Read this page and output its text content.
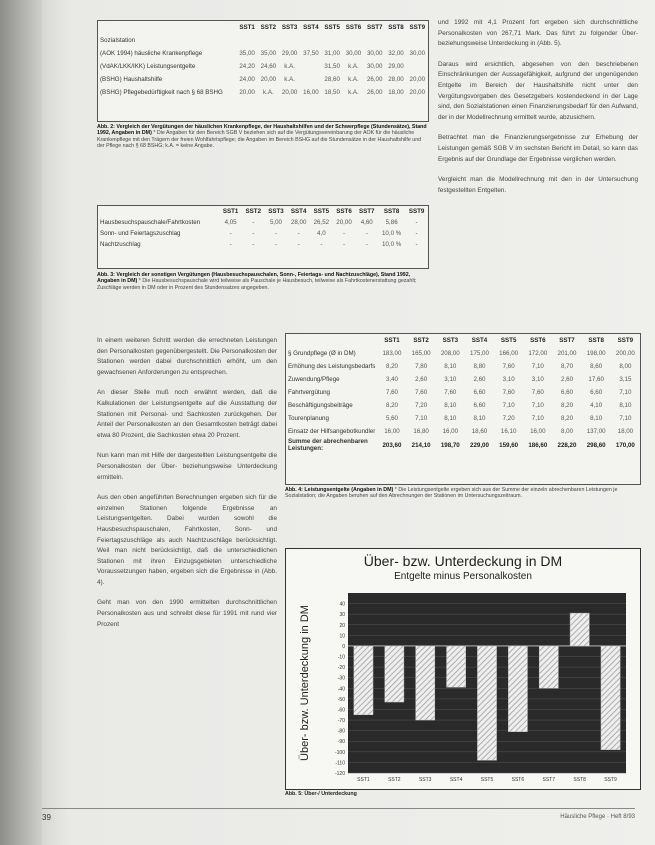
	SST1	SST2	SST3	SST4	SST5	SST6	SST7	SST8	SST9
Sozialstation									
(AOK 1994) häusliche Krankenpflege	35,00	35,00	29,00	37,50	31,00	30,00	30,00	32,00	30,00
(VdAK/LKK/IKK) Leistungsentgelte	24,20	24,60	k.A.		31,50	k.A.	30,00	29,00	
(BSHG) Haushaltshilfe	24,00	20,00	k.A.		28,60	k.A.	26,00	28,00	20,00
(BSHG) Pflegebedürftigkeit nach § 68 BSHG	20,00	k.A.	20,00	16,00	18,50	k.A.	26,00	18,00	20,00
Abb. 2: Vergleich der Vergütungen der häuslichen Krankenpflege, der Haushaltshilfen und der Schwerpflege (Stundensätze), Stand 1992, Angaben in DM) * Die Angaben für den Bereich SGB V beziehen sich auf die Vergütungsvereinbarung der AOK für die häusliche Krankenpflege mit den Trägern der freien Wohlfahrtspflege; die Angaben im Bereich BSHG auf die Stundensätze in der Haushaltshilfe und der Pflege nach § 68 BSHG; k.A. = keine Angabe.
	SST1	SST2	SST3	SST4	SST5	SST6	SST7	SST8	SST9
Hausbesuchspauschale/Fahrtkosten	4,05	-	5,00	28,00	26,52	20,00	4,60	5,86	-
Sonn- und Feiertagszuschlag	-	-	-	-	4,0	-	-	10,0 %	-
Nachtzuschlag	-	-	-	-	-	-	-	10,0 %	-
Abb. 3: Vergleich der sonstigen Vergütungen (Hausbesuchspauschalen, Sonn-, Feiertags- und Nachtzuschläge), Stand 1992, Angaben in DM) * Die Hausbesuchspauschale wird teilweise als Pauschale je Hausbesuch, teilweise als Fahrtkostenerstattung gezahlt; Zuschläge werden in DM oder in Prozent des Stundensatzes angegeben.

und 1992 mit 4,1 Prozent fort ergeben sich durchschnittliche Personalkosten von 267,71 Mark. Das führt zu folgender Über- beziehungsweise Unterdeckung in (Abb. 5).

Daraus wird ersichtlich, abgesehen von den beschriebenen Einschränkungen der Aussagefähigkeit, aufgrund der ungenügenden Entgelte im Bereich der Haushaltshilfe nicht unter den Vergütungsvorgaben des Gesetzgebers kostendeckend in der Lage sind, den Sozialstationen einen Finanzierungsbedarf für den Aufwand, der in der Modellrechnung ermittelt wurde, abzusichern.

Betrachtet man die Finanzierungsergebnisse zur Erhebung der Leistungen gemäß SGB V im sechsten Bericht im Detail, so kann das Ergebnis auf der Grundlage der Ergebnisse verglichen werden.

Vergleicht man die Modellrechnung mit den in der Untersuchung festgestellten Entgelten.

In einem weiteren Schritt werden die errechneten Leistungen den Personalkosten gegenübergestellt. Die Personalkosten der Stationen werden dabei durchschnittlich erhöht, um den gewachsenen Anforderungen zu entsprechen.

An dieser Stelle muß noch erwähnt werden, daß die Kalkulationen der Leistungsentgelte auf die Ausstattung der Stationen mit Personal- und Sachkosten zurückgehen. Der Anteil der Personalkosten an den Gesamtkosten beträgt dabei etwa 80 Prozent, die Sachkosten etwa 20 Prozent.

Nun kann man mit Hilfe der dargestellten Leistungsentgelte die Personalkosten der Über- beziehungsweise Unterdeckung ermitteln.

Aus den oben angeführten Berechnungen ergeben sich für die einzelnen Stationen folgende Ergebnisse an Leistungsentgelten. Dabei wurden sowohl die Hausbesuchspauschalen, Fahrtkosten, Sonn- und Feiertagszuschläge als auch Nachtzuschläge berücksichtigt. Weil man nicht berücksichtigt, daß die unterschiedlichen Stationen mit ihren Einzugsgebieten unterschiedliche Voraussetzungen haben, ergeben sich die Ergebnisse in (Abb. 4).

Geht man von den 1990 ermittelten durchschnittlichen Personalkosten aus und schreibt diese für 1991 mit rund vier Prozent

	SST1	SST2	SST3	SST4	SST5	SST6	SST7	SST8	SST9
§ Grundpflege (Ø in DM)	183,00	165,00	208,00	175,00	166,00	172,00	201,00	198,00	200,00
Erhöhung des Leistungsbedarfs	8,20	7,80	8,10	8,80	7,60	7,10	8,70	8,60	8,00
Zuwendung/Pflege	3,40	2,60	3,10	2,60	3,10	3,10	2,60	17,60	3,15
Fahrtvergütung	7,60	7,60	7,60	6,60	7,60	7,60	6,60	6,60	7,10
Beschäftigungsbeiträge	8,20	7,20	8,10	6,60	7,10	7,10	8,20	4,10	8,10
Tourenplanung	5,60	7,10	8,10	8,10	7,20	7,10	8,20	8,10	7,10
Einsatz der Hilfsangebotkundler	16,00	16,80	16,00	18,60	16,10	16,00	8,00	137,00	18,00
Summe der abrechenbaren Leistungen:	203,60	214,10	198,70	229,00	159,60	186,60	228,20	298,60	170,00
Abb. 4: Leistungsentgelte (Angaben in DM) * Die Leistungsentgelte ergeben sich aus der Summe der einzeln abrechenbaren Leistungen je Sozialstation; die Angaben beruhen auf den Abrechnungen der Stationen im Untersuchungszeitraum.
Über- bzw. Unterdeckung in DM
Entgelte minus Personalkosten
40
30
20
10
0
-10
-20
-30
-40
-50
-60
-70
-80
-90
-100
-110
-120
SST1	SST2	SST3	SST4	SST5	SST6	SST7	SST8	SST9
Über- bzw. Unterdeckung in DM
Abb. 5: Über-/ Unterdeckung
39	Häusliche Pflege · Heft 8/93
